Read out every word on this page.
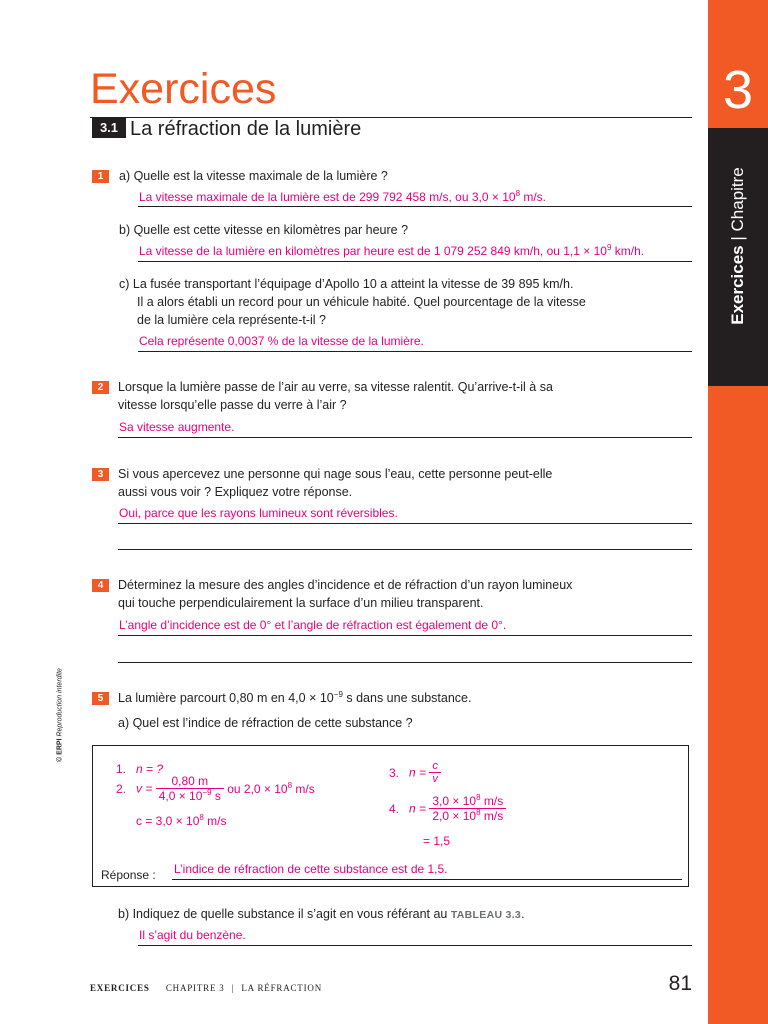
3
Exercices | Chapitre
© ERPI Reproduction interdite
Exercices
3.1 La réfraction de la lumière
1	a) Quelle est la vitesse maximale de la lumière ?
La vitesse maximale de la lumière est de 299 792 458 m/s, ou $3,0 \times 10^8$ m/s.
b) Quelle est cette vitesse en kilomètres par heure ?
La vitesse de la lumière en kilomètres par heure est de 1 079 252 849 km/h, ou $1,1 \times 10^9$ km/h.
c) La fusée transportant l’équipage d’Apollo 10 a atteint la vitesse de 39 895 km/h.
Il a alors établi un record pour un véhicule habité. Quel pourcentage de la vitesse
de la lumière cela représente-t-il ?
Cela représente 0,0037 % de la vitesse de la lumière.
2	Lorsque la lumière passe de l’air au verre, sa vitesse ralentit. Qu’arrive-t-il à sa
vitesse lorsqu’elle passe du verre à l’air ?
Sa vitesse augmente.
3	Si vous apercevez une personne qui nage sous l’eau, cette personne peut-elle
aussi vous voir ? Expliquez votre réponse.
Oui, parce que les rayons lumineux sont réversibles.
4	Déterminez la mesure des angles d’incidence et de réfraction d’un rayon lumineux
qui touche perpendiculairement la surface d’un milieu transparent.
L’angle d’incidence est de 0° et l’angle de réfraction est également de 0°.
5	La lumière parcourt 0,80 m en $4,0 \times 10^{-9}$ s dans une substance.
a) Quel est l’indice de réfraction de cette substance ?
1. n = ?
2. $v = \frac{0,80 m}{4,0 \times 10^{-9} s}$ ou $2,0 \times 10^8$ m/s
$c = 3,0 \times 10^8$ m/s
3. $n = \frac{c}{v}$
4. $n = \frac{3,0 \times 10^8 m/s}{2,0 \times 10^8 m/s}$
= 1,5
Réponse : L’indice de réfraction de cette substance est de 1,5.
b) Indiquez de quelle substance il s’agit en vous référant au TABLEAU 3.3.
Il s’agit du benzène.
EXERCICES CHAPITRE 3 | LA RÉFRACTION	81
